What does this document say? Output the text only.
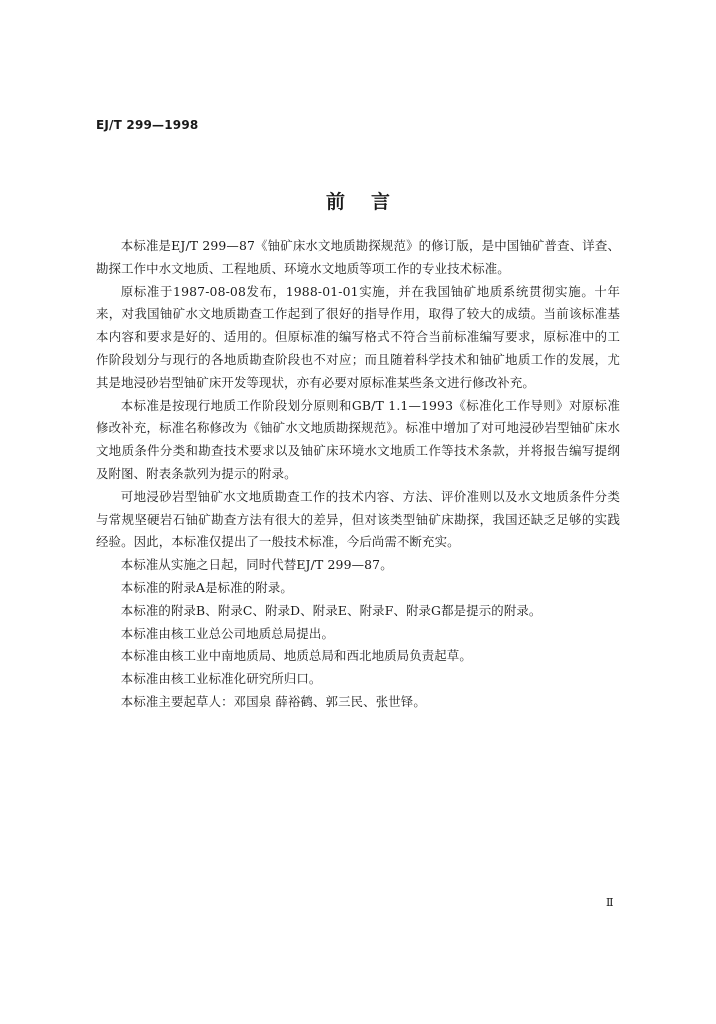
EJ/T 299—1998
前言

本标准是EJ/T 299—87《铀矿床水文地质勘探规范》的修订版，是中国铀矿普查、详查、勘探工作中水文地质、工程地质、环境水文地质等项工作的专业技术标准。

原标准于1987-08-08发布，1988-01-01实施，并在我国铀矿地质系统贯彻实施。十年来，对我国铀矿水文地质勘查工作起到了很好的指导作用，取得了较大的成绩。当前该标准基本内容和要求是好的、适用的。但原标准的编写格式不符合当前标准编写要求，原标准中的工作阶段划分与现行的各地质勘查阶段也不对应；而且随着科学技术和铀矿地质工作的发展，尤其是地浸砂岩型铀矿床开发等现状，亦有必要对原标准某些条文进行修改补充。

本标准是按现行地质工作阶段划分原则和GB/T 1.1—1993《标准化工作导则》对原标准修改补充，标准名称修改为《铀矿水文地质勘探规范》。标准中增加了对可地浸砂岩型铀矿床水文地质条件分类和勘查技术要求以及铀矿床环境水文地质工作等技术条款，并将报告编写提纲及附图、附表条款列为提示的附录。

可地浸砂岩型铀矿水文地质勘查工作的技术内容、方法、评价准则以及水文地质条件分类与常规坚硬岩石铀矿勘查方法有很大的差异，但对该类型铀矿床勘探，我国还缺乏足够的实践经验。因此，本标准仅提出了一般技术标准，今后尚需不断充实。

本标准从实施之日起，同时代替EJ/T 299—87。

本标准的附录A是标准的附录。

本标准的附录B、附录C、附录D、附录E、附录F、附录G都是提示的附录。

本标准由核工业总公司地质总局提出。

本标准由核工业中南地质局、地质总局和西北地质局负责起草。

本标准由核工业标准化研究所归口。

本标准主要起草人：邓国泉 薛裕鹤、郭三民、张世铎。

Ⅱ
